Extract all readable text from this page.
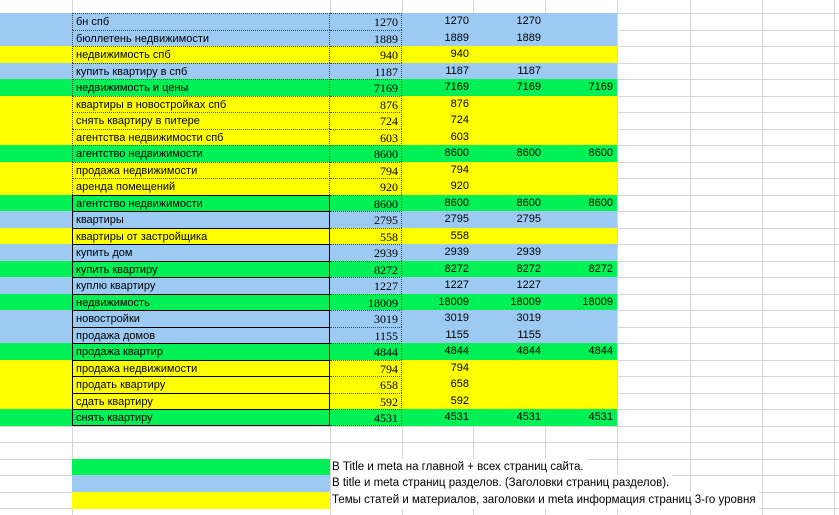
бн спб	1270	1270	1270
бюллетень недвижимости	1889	1889	1889
недвижимость спб	940	940
купить квартиру в спб	1187	1187	1187
недвижимость и цены	7169	7169	7169	7169
квартиры в новостройках спб	876	876
снять квартиру в питере	724	724
агентства недвижимости спб	603	603
агентство недвижимости	8600	8600	8600	8600
продажа недвижимости	794	794
аренда помещений	920	920
агентство недвижимости	8600	8600	8600	8600
квартиры	2795	2795	2795
квартиры от застройщика	558	558
купить дом	2939	2939	2939
купить квартиру	8272	8272	8272	8272
куплю квартиру	1227	1227	1227
недвижимость	18009	18009	18009	18009
новостройки	3019	3019	3019
продажа домов	1155	1155	1155
продажа квартир	4844	4844	4844	4844
продажа недвижимости	794	794
продать квартиру	658	658
сдать квартиру	592	592
снять квартиру	4531	4531	4531	4531
В Title и meta на главной + всех страниц сайта.
В title и meta страниц разделов. (Заголовки страниц разделов).
Темы статей и материалов, заголовки и meta информация страниц 3-го уровня
